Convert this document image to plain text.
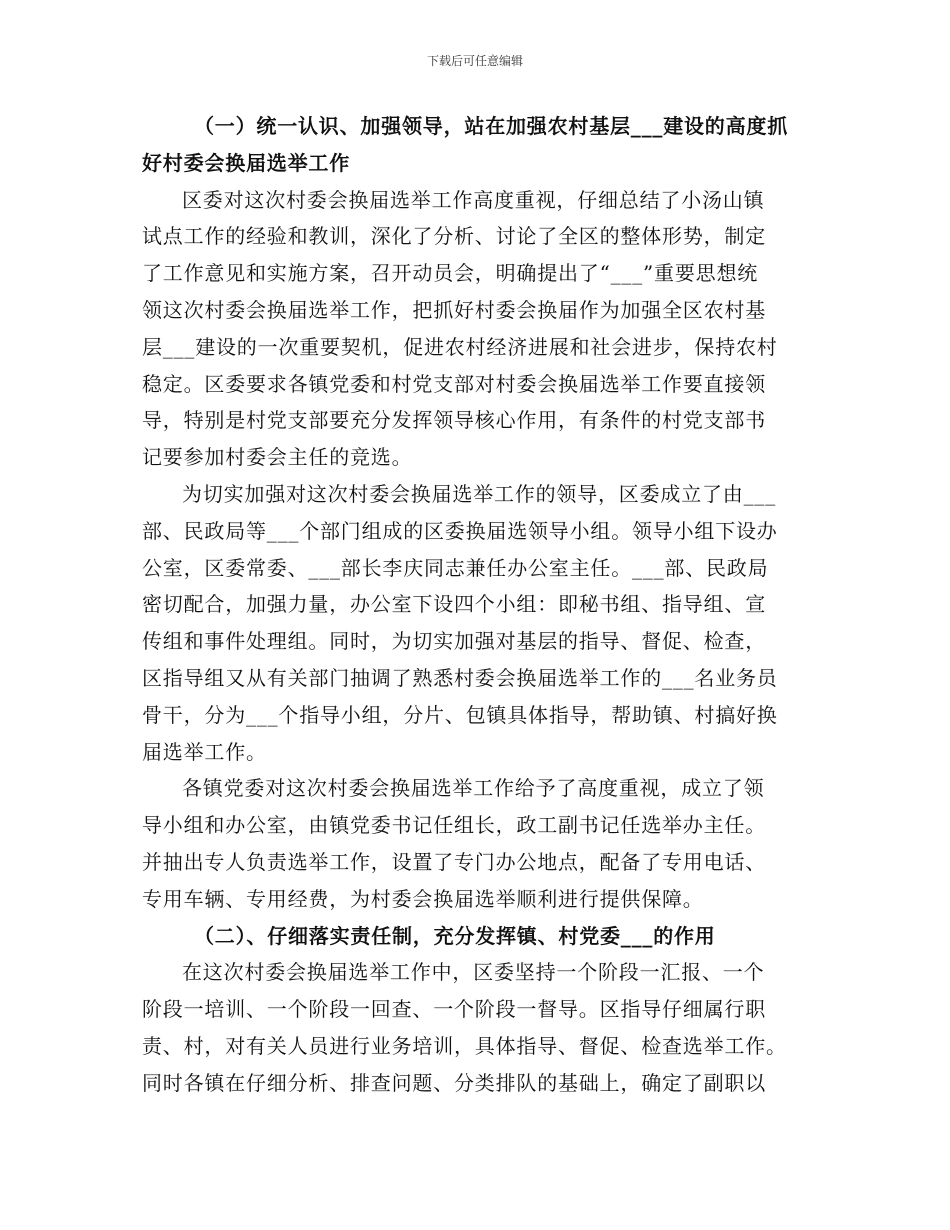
下载后可任意编辑
（一）统一认识、加强领导，站在加强农村基层___建设的高度抓
好村委会换届选举工作
区委对这次村委会换届选举工作高度重视，仔细总结了小汤山镇
试点工作的经验和教训，深化了分析、讨论了全区的整体形势，制定
了工作意见和实施方案，召开动员会，明确提出了“___”重要思想统
领这次村委会换届选举工作，把抓好村委会换届作为加强全区农村基
层___建设的一次重要契机，促进农村经济进展和社会进步，保持农村
稳定。区委要求各镇党委和村党支部对村委会换届选举工作要直接领
导，特别是村党支部要充分发挥领导核心作用，有条件的村党支部书
记要参加村委会主任的竞选。
为切实加强对这次村委会换届选举工作的领导，区委成立了由___
部、民政局等___个部门组成的区委换届选领导小组。领导小组下设办
公室，区委常委、___部长李庆同志兼任办公室主任。___部、民政局
密切配合，加强力量，办公室下设四个小组：即秘书组、指导组、宣
传组和事件处理组。同时，为切实加强对基层的指导、督促、检查，
区指导组又从有关部门抽调了熟悉村委会换届选举工作的___名业务员
骨干，分为___个指导小组，分片、包镇具体指导，帮助镇、村搞好换
届选举工作。
各镇党委对这次村委会换届选举工作给予了高度重视，成立了领
导小组和办公室，由镇党委书记任组长，政工副书记任选举办主任。
并抽出专人负责选举工作，设置了专门办公地点，配备了专用电话、
专用车辆、专用经费，为村委会换届选举顺利进行提供保障。
（二）、仔细落实责任制，充分发挥镇、村党委___的作用
在这次村委会换届选举工作中，区委坚持一个阶段一汇报、一个
阶段一培训、一个阶段一回查、一个阶段一督导。区指导仔细属行职
责、村，对有关人员进行业务培训，具体指导、督促、检查选举工作。
同时各镇在仔细分析、排查问题、分类排队的基础上，确定了副职以
